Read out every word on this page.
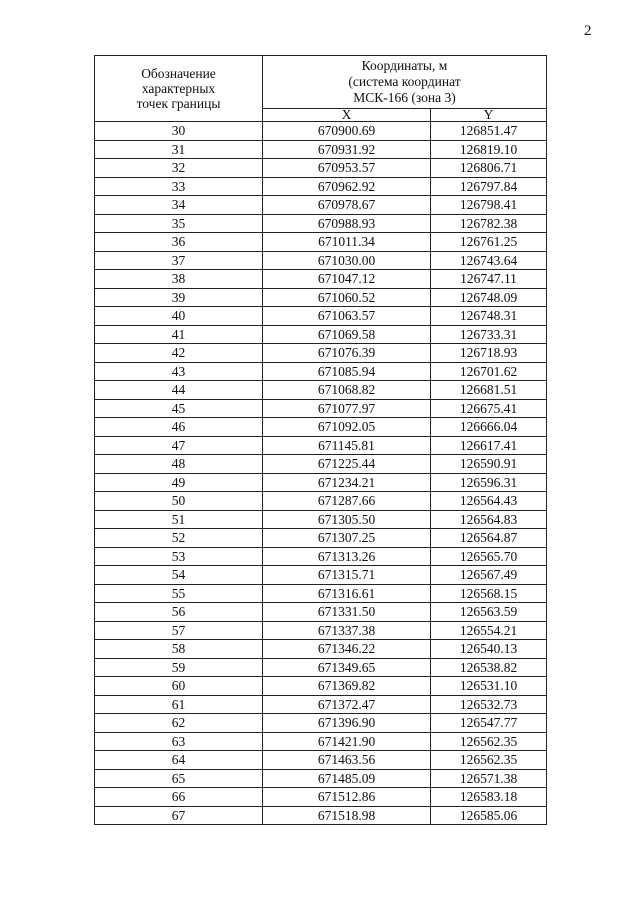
2
Обозначение
характерных
точек границы	Координаты, м
(система координат
МСК-166 (зона 3)	
	X	Y
30	670900.69	126851.47
31	670931.92	126819.10
32	670953.57	126806.71
33	670962.92	126797.84
34	670978.67	126798.41
35	670988.93	126782.38
36	671011.34	126761.25
37	671030.00	126743.64
38	671047.12	126747.11
39	671060.52	126748.09
40	671063.57	126748.31
41	671069.58	126733.31
42	671076.39	126718.93
43	671085.94	126701.62
44	671068.82	126681.51
45	671077.97	126675.41
46	671092.05	126666.04
47	671145.81	126617.41
48	671225.44	126590.91
49	671234.21	126596.31
50	671287.66	126564.43
51	671305.50	126564.83
52	671307.25	126564.87
53	671313.26	126565.70
54	671315.71	126567.49
55	671316.61	126568.15
56	671331.50	126563.59
57	671337.38	126554.21
58	671346.22	126540.13
59	671349.65	126538.82
60	671369.82	126531.10
61	671372.47	126532.73
62	671396.90	126547.77
63	671421.90	126562.35
64	671463.56	126562.35
65	671485.09	126571.38
66	671512.86	126583.18
67	671518.98	126585.06
